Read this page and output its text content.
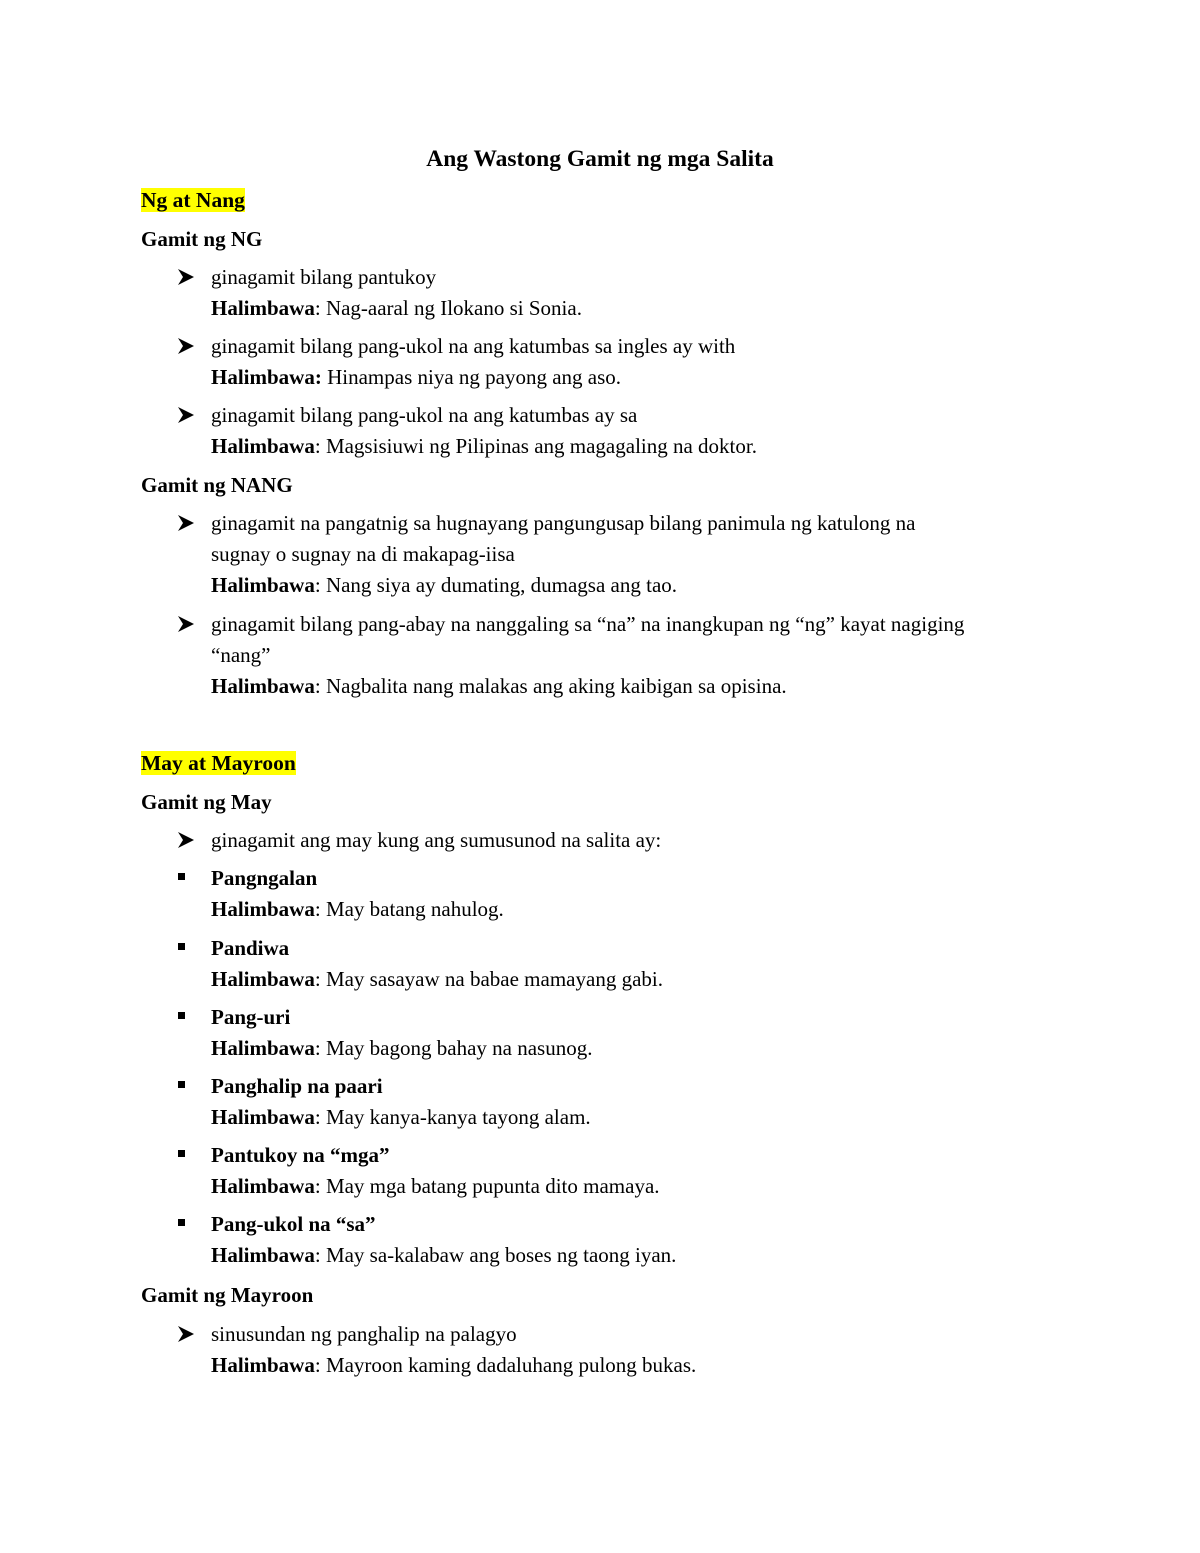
Ang Wastong Gamit ng mga Salita
Ng at Nang
Gamit ng NG
ginagamit bilang pantukoy
Halimbawa: Nag-aaral ng Ilokano si Sonia.
ginagamit bilang pang-ukol na ang katumbas sa ingles ay with
Halimbawa: Hinampas niya ng payong ang aso.
ginagamit bilang pang-ukol na ang katumbas ay sa
Halimbawa: Magsisiuwi ng Pilipinas ang magagaling na doktor.
Gamit ng NANG
ginagamit na pangatnig sa hugnayang pangungusap bilang panimula ng katulong na
sugnay o sugnay na di makapag-iisa
Halimbawa: Nang siya ay dumating, dumagsa ang tao.
ginagamit bilang pang-abay na nanggaling sa “na” na inangkupan ng “ng” kayat nagiging
“nang”
Halimbawa: Nagbalita nang malakas ang aking kaibigan sa opisina.
May at Mayroon
Gamit ng May
ginagamit ang may kung ang sumusunod na salita ay:
Pangngalan
Halimbawa: May batang nahulog.
Pandiwa
Halimbawa: May sasayaw na babae mamayang gabi.
Pang-uri
Halimbawa: May bagong bahay na nasunog.
Panghalip na paari
Halimbawa: May kanya-kanya tayong alam.
Pantukoy na “mga”
Halimbawa: May mga batang pupunta dito mamaya.
Pang-ukol na “sa”
Halimbawa: May sa-kalabaw ang boses ng taong iyan.
Gamit ng Mayroon
sinusundan ng panghalip na palagyo
Halimbawa: Mayroon kaming dadaluhang pulong bukas.
